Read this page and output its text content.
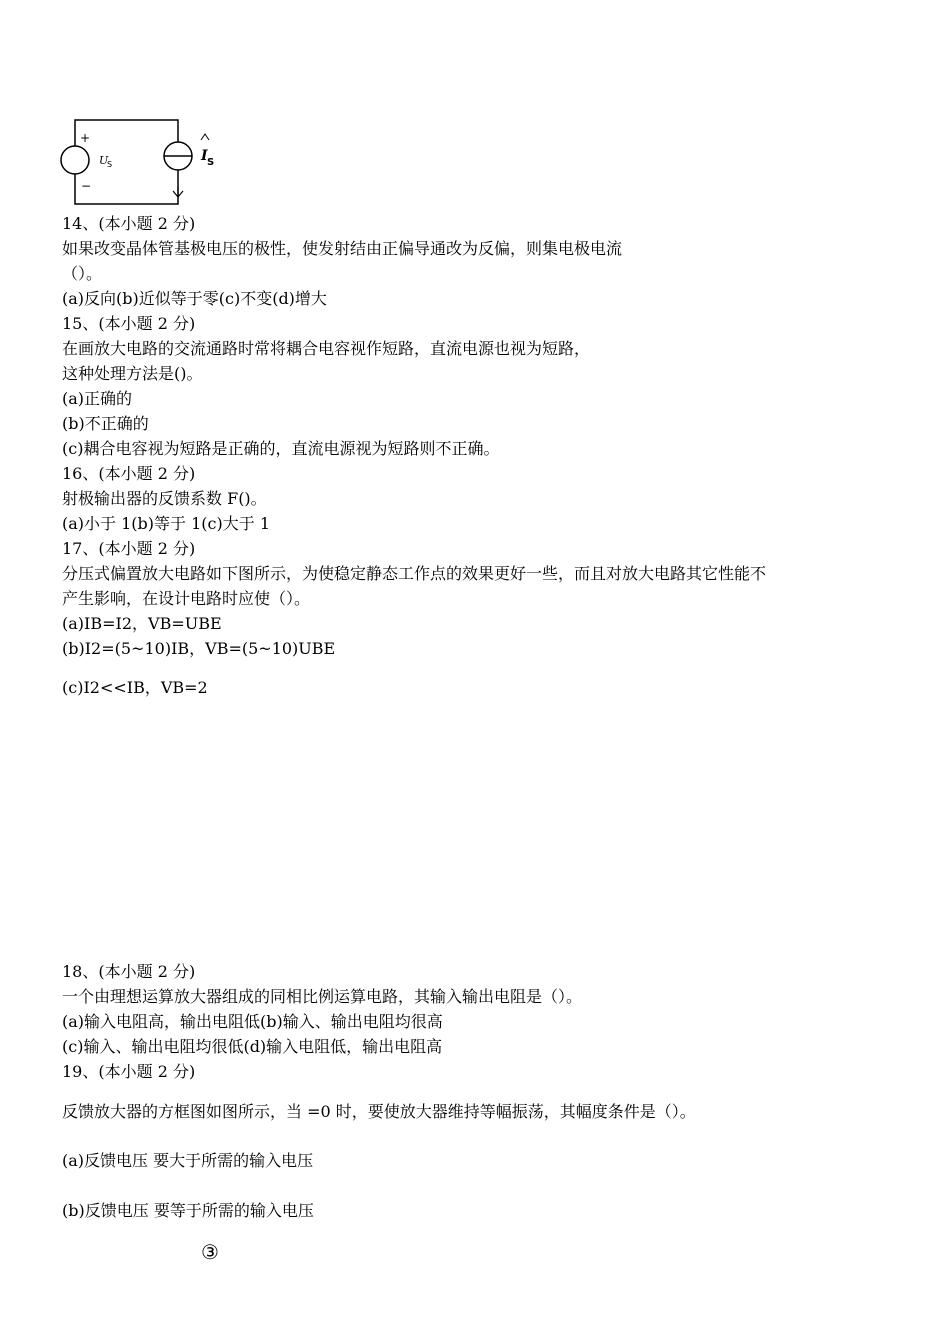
+
−
U
S
I S
14、(本小题 2 分)
如果改变晶体管基极电压的极性，使发射结由正偏导通改为反偏，则集电极电流
（）。
(a)反向(b)近似等于零(c)不变(d)增大
15、(本小题 2 分)
在画放大电路的交流通路时常将耦合电容视作短路，直流电源也视为短路，
这种处理方法是()。
(a)正确的
(b)不正确的
(c)耦合电容视为短路是正确的，直流电源视为短路则不正确。
16、(本小题 2 分)
射极输出器的反馈系数 F()。
(a)小于 1(b)等于 1(c)大于 1
17、(本小题 2 分)
分压式偏置放大电路如下图所示，为使稳定静态工作点的效果更好一些，而且对放大电路其它性能不
产生影响，在设计电路时应使（）。
(a)IB=I2，VB=UBE
(b)I2=(5~10)IB，VB=(5~10)UBE
(c)I2<<IB，VB=2
18、(本小题 2 分)
一个由理想运算放大器组成的同相比例运算电路，其输入输出电阻是（）。
(a)输入电阻高，输出电阻低(b)输入、输出电阻均很高
(c)输入、输出电阻均很低(d)输入电阻低，输出电阻高
19、(本小题 2 分)
反馈放大器的方框图如图所示，当 =0 时，要使放大器维持等幅振荡，其幅度条件是（）。
(a)反馈电压 要大于所需的输入电压
(b)反馈电压 要等于所需的输入电压
③
